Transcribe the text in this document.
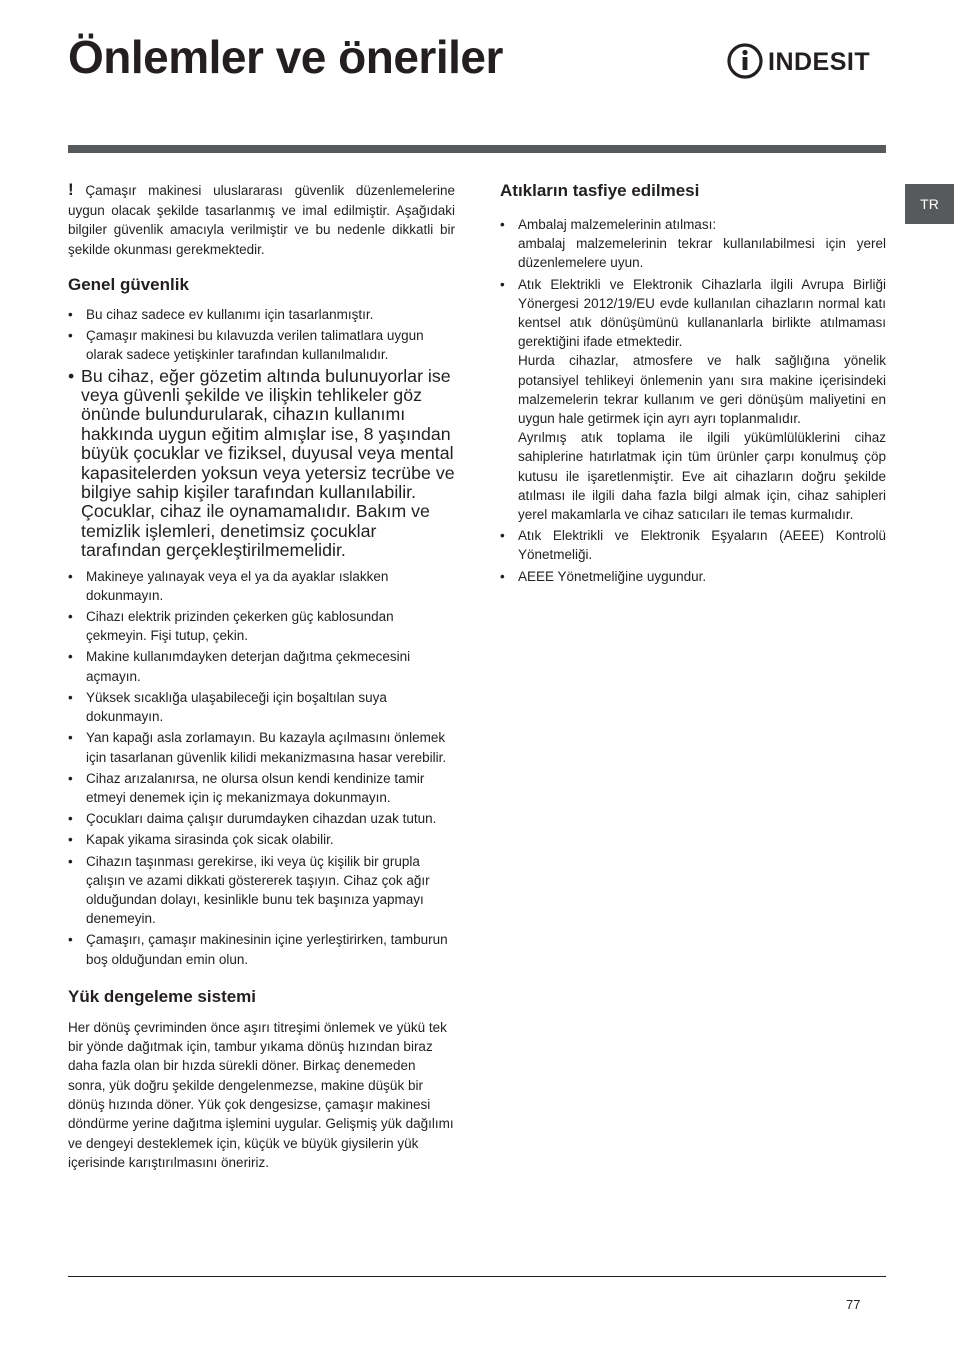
Önlemler ve öneriler	INDESIT
TR

! Çamaşır makinesi uluslararası güvenlik düzenlemelerine uygun olacak şekilde tasarlanmış ve imal edilmiştir. Aşağıdaki bilgiler güvenlik amacıyla verilmiştir ve bu nedenle dikkatli bir şekilde okunması gerekmektedir.

Genel güvenlik
• Bu cihaz sadece ev kullanımı için tasarlanmıştır.
• Çamaşır makinesi bu kılavuzda verilen talimatlara uygun olarak sadece yetişkinler tarafından kullanılmalıdır.
• Bu cihaz, eğer gözetim altında bulunuyorlar ise veya güvenli şekilde ve ilişkin tehlikeler göz önünde bulundurularak, cihazın kullanımı hakkında uygun eğitim almışlar ise, 8 yaşından büyük çocuklar ve fiziksel, duyusal veya mental kapasitelerden yoksun veya yetersiz tecrübe ve bilgiye sahip kişiler tarafından kullanılabilir. Çocuklar, cihaz ile oynamamalıdır. Bakım ve temizlik işlemleri, denetimsiz çocuklar tarafından gerçekleştirilmemelidir.
• Makineye yalınayak veya el ya da ayaklar ıslakken dokunmayın.
• Cihazı elektrik prizinden çekerken güç kablosundan çekmeyin. Fişi tutup, çekin.
• Makine kullanımdayken deterjan dağıtma çekmecesini açmayın.
• Yüksek sıcaklığa ulaşabileceği için boşaltılan suya dokunmayın.
• Yan kapağı asla zorlamayın. Bu kazayla açılmasını önlemek için tasarlanan güvenlik kilidi mekanizmasına hasar verebilir.
• Cihaz arızalanırsa, ne olursa olsun kendi kendinize tamir etmeyi denemek için iç mekanizmaya dokunmayın.
• Çocukları daima çalışır durumdayken cihazdan uzak tutun.
• Kapak yikama sirasinda çok sicak olabilir.
• Cihazın taşınması gerekirse, iki veya üç kişilik bir grupla çalışın ve azami dikkati göstererek taşıyın. Cihaz çok ağır olduğundan dolayı, kesinlikle bunu tek başınıza yapmayı denemeyin.
• Çamaşırı, çamaşır makinesinin içine yerleştirirken, tamburun boş olduğundan emin olun.
Yük dengeleme sistemi

Her dönüş çevriminden önce aşırı titreşimi önlemek ve yükü tek bir yönde dağıtmak için, tambur yıkama dönüş hızından biraz daha fazla olan bir hızda sürekli döner. Birkaç denemeden sonra, yük doğru şekilde dengelenmezse, makine düşük bir dönüş hızında döner. Yük çok dengesizse, çamaşır makinesi döndürme yerine dağıtma işlemini uygular. Gelişmiş yük dağılımı ve dengeyi desteklemek için, küçük ve büyük giysilerin yük içerisinde karıştırılmasını öneririz.

Atıkların tasfiye edilmesi
• Ambalaj malzemelerinin atılması:
ambalaj malzemelerinin tekrar kullanılabilmesi için yerel düzenlemelere uyun.
• Atık Elektrikli ve Elektronik Cihazlarla ilgili Avrupa Birliği Yönergesi 2012/19/EU evde kullanılan cihazların normal katı kentsel atık dönüşümünü kullananlarla birlikte atılmaması gerektiğini ifade etmektedir.
Hurda cihazlar, atmosfere ve halk sağlığına yönelik potansiyel tehlikeyi önlemenin yanı sıra makine içerisindeki malzemelerin tekrar kullanım ve geri dönüşüm maliyetini en uygun hale getirmek için ayrı ayrı toplanmalıdır.
Ayrılmış atık toplama ile ilgili yükümlülüklerini cihaz sahiplerine hatırlatmak için tüm ürünler çarpı konulmuş çöp kutusu ile işaretlenmiştir. Eve ait cihazların doğru şekilde atılması ile ilgili daha fazla bilgi almak için, cihaz sahipleri yerel makamlarla ve cihaz satıcıları ile temas kurmalıdır.
• Atık Elektrikli ve Elektronik Eşyaların (AEEE) Kontrolü Yönetmeliği.
• AEEE Yönetmeliğine uygundur.
77
